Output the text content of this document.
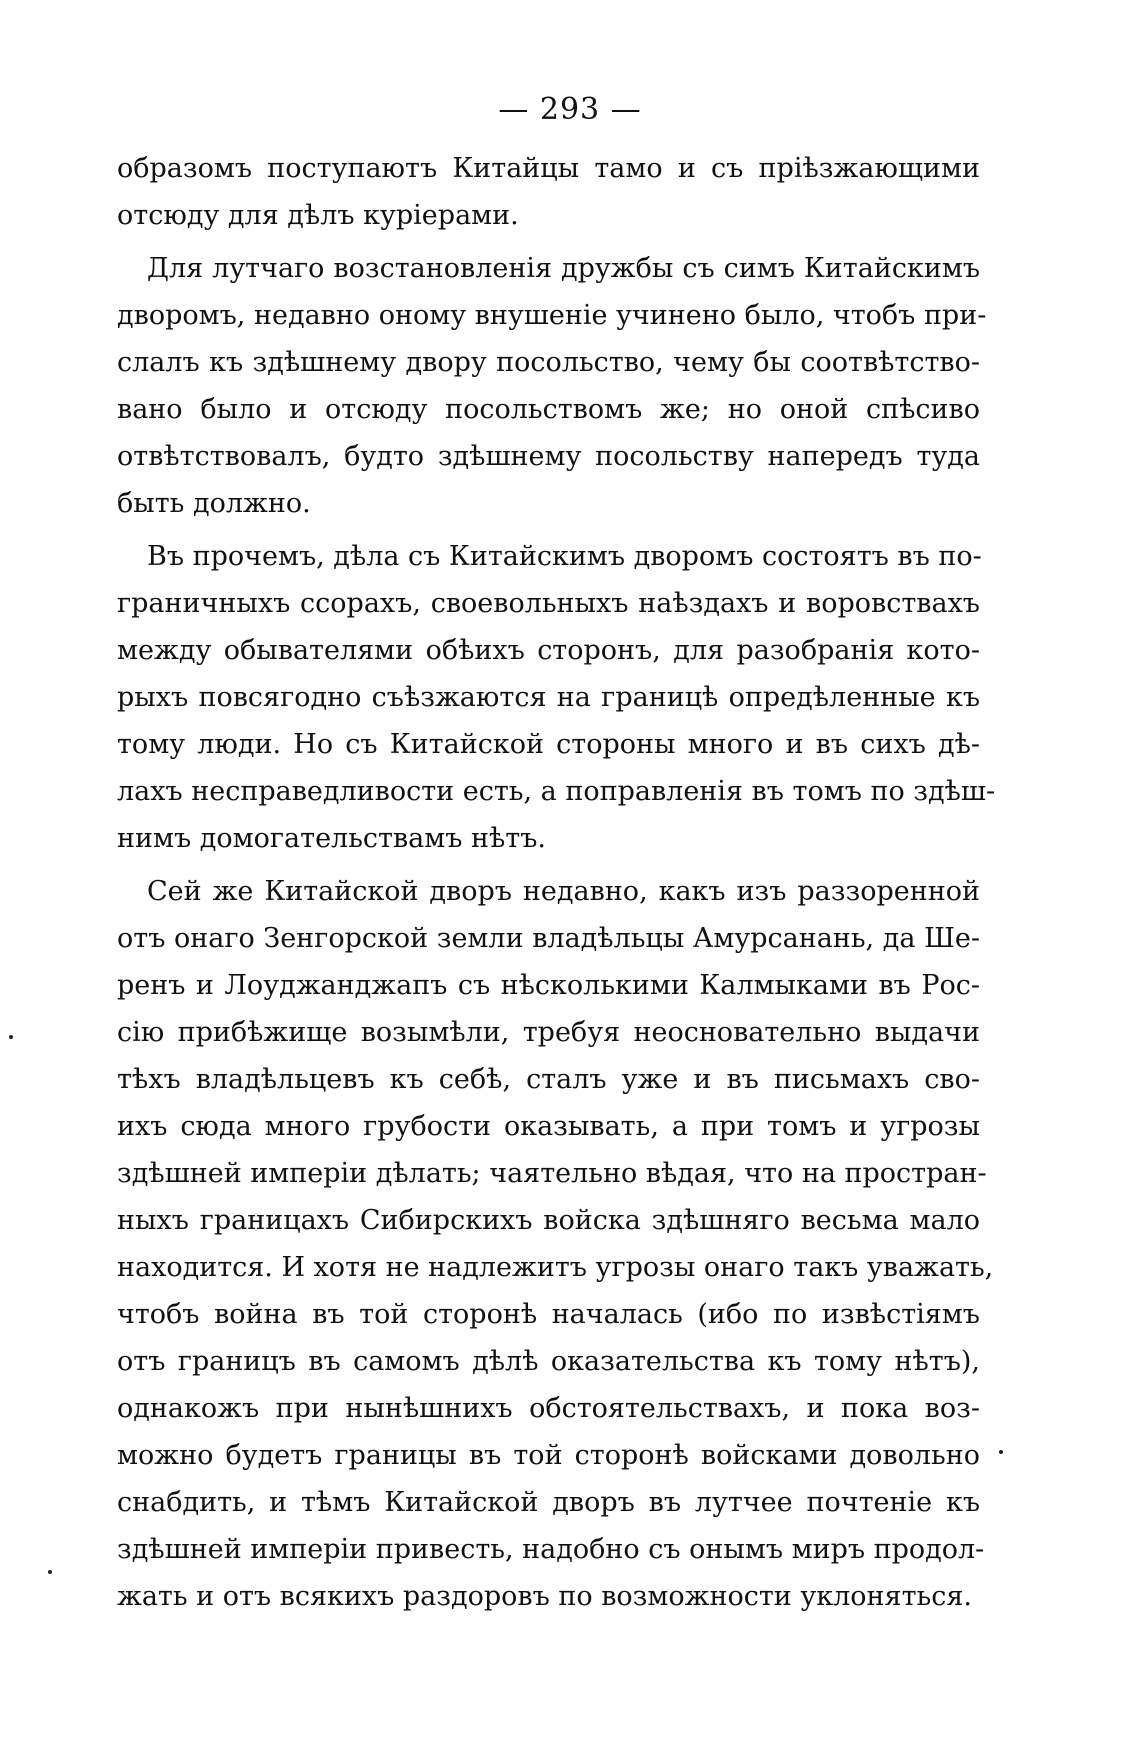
— 293 —
образомъ поступаютъ Китайцы тамо и съ прiѣзжающими
отсюду для дѣлъ курiерами.
Для лутчаго возстановленiя дружбы съ симъ Китайскимъ
дворомъ, недавно оному внушенiе учинено было, чтобъ при-
слалъ къ здѣшнему двору посольство, чему бы соотвѣтство-
вано было и отсюду посольствомъ же; но оной спѣсиво
отвѣтствовалъ, будто здѣшнему посольству напередъ туда
быть должно.
Въ прочемъ, дѣла съ Китайскимъ дворомъ состоятъ въ по-
граничныхъ ссорахъ, своевольныхъ наѣздахъ и воровствахъ
между обывателями обѣихъ сторонъ, для разобранiя кото-
рыхъ повсягодно съѣзжаются на границѣ опредѣленные къ
тому люди. Но съ Китайской стороны много и въ сихъ дѣ-
лахъ несправедливости есть, а поправленiя въ томъ по здѣш-
нимъ домогательствамъ нѣтъ.
Сей же Китайской дворъ недавно, какъ изъ раззоренной
отъ онаго Зенгорской земли владѣльцы Амурсанань, да Ше-
ренъ и Лоуджанджапъ съ нѣсколькими Калмыками въ Рос-
сiю прибѣжище возымѣли, требуя неосновательно выдачи
тѣхъ владѣльцевъ къ себѣ, сталъ уже и въ письмахъ сво-
ихъ сюда много грубости оказывать, а при томъ и угрозы
здѣшней имперiи дѣлать; чаятельно вѣдая, что на простран-
ныхъ границахъ Сибирскихъ войска здѣшняго весьма мало
находится. И хотя не надлежитъ угрозы онаго такъ уважать,
чтобъ война въ той сторонѣ началась (ибо по извѣстiямъ
отъ границъ въ самомъ дѣлѣ оказательства къ тому нѣтъ),
однакожъ при нынѣшнихъ обстоятельствахъ, и пока воз-
можно будетъ границы въ той сторонѣ войсками довольно
снабдить, и тѣмъ Китайской дворъ въ лутчее почтенiе къ
здѣшней имперiи привесть, надобно съ онымъ миръ продол-
жать и отъ всякихъ раздоровъ по возможности уклоняться.
